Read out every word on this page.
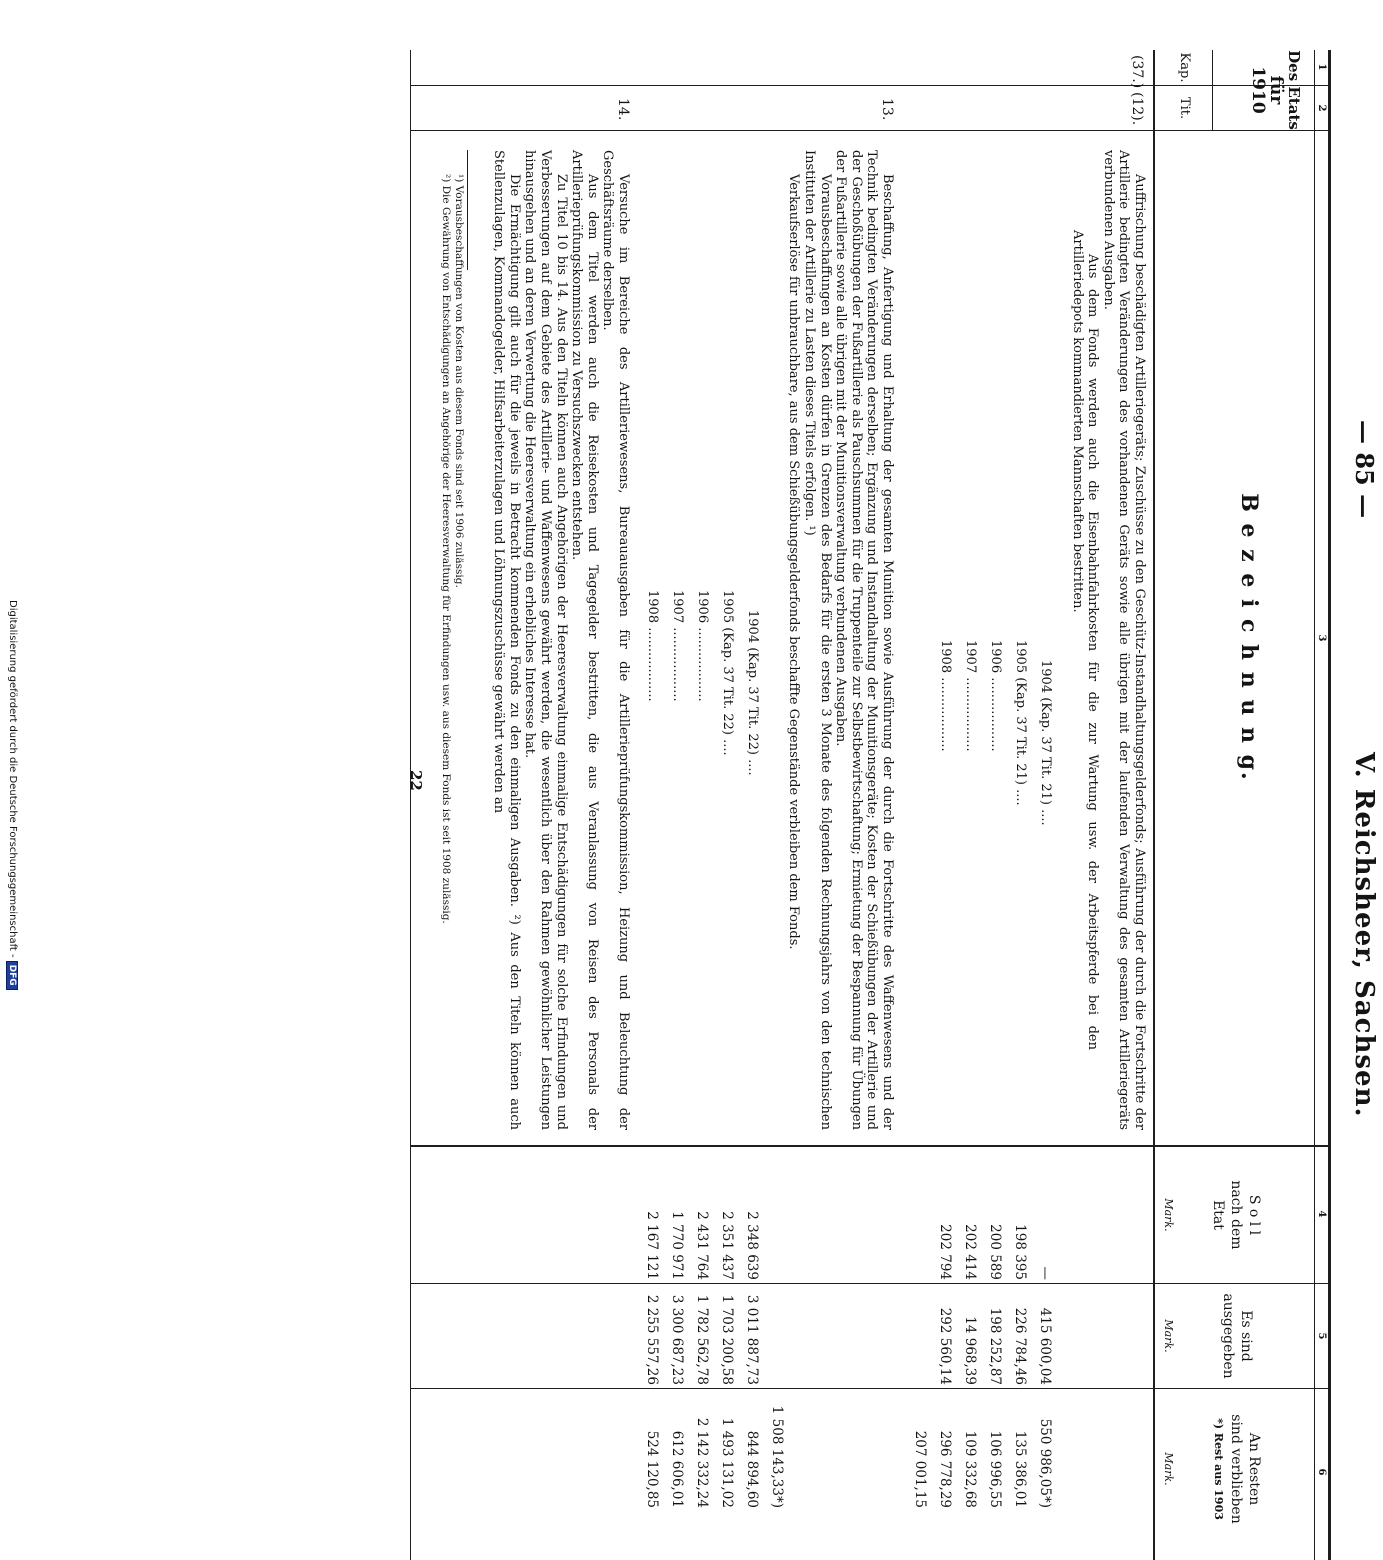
— 85 —
V. Reichsheer, Sachsen.
1
2
3
4
5
6
Des Etats
für 1910
Kap.
Tit.
B e z e i c h n u n g.
S o l l
nach dem
Etat
Mark.
Es sind
ausgegeben
Mark.
An Resten
sind verblieben
*) Rest aus 1903
Mark.
(37.)
(12).

Auffrischung beschädigten Artilleriegeräts; Zuschüsse zu den Geschütz-Instandhaltungsgelderfonds; Ausführung der durch die Fortschritte der Artillerie bedingten Veränderungen des vorhandenen Geräts sowie alle übrigen mit der laufenden Verwaltung des gesamten Artilleriegeräts verbundenen Ausgaben.

Aus dem Fonds werden auch die Eisenbahnfahrkosten für die zur Wartung usw. der Arbeitspferde bei den Artilleriedepots kommandierten Mannschaften bestritten.

1904 (Kap. 37 Tit. 21) ....
415 600,04
—
550 986,05*)
1905 (Kap. 37 Tit. 21) ....
198 395
226 784,46
135 386,01
1906 ..................
200 589
198 252,87
106 996,55
1907 ..................
202 414
14 968,39
109 332,68
1908 ..................
202 794
292 560,14
296 778,29
207 001,15
13.

Beschaffung, Anfertigung und Erhaltung der gesamten Munition sowie Ausführung der durch die Fortschritte des Waffenwesens und der Technik bedingten Veränderungen derselben; Ergänzung und Instandhaltung der Munitionsgeräte; Kosten der Schießübungen der Artillerie und der Geschoßübungen der Fußartillerie als Pauschsummen für die Truppenteile zur Selbstbewirtschaftung; Ermietung der Bespannung für Übungen der Fußartillerie sowie alle übrigen mit der Munitionsverwaltung verbundenen Ausgaben.

Vorausbeschaffungen an Kosten dürfen in Grenzen des Bedarfs für die ersten 3 Monate des folgenden Rechnungsjahrs von den technischen Instituten der Artillerie zu Lasten dieses Titels erfolgen. ¹)

Verkaufserlöse für unbrauchbare, aus dem Schießübungsgelderfonds beschaffte Gegenstände verbleiben dem Fonds.

1 508 143,33*)
1904 (Kap. 37 Tit. 22) ....
2 348 639
3 011 887,73
844 894,60
1905 (Kap. 37 Tit. 22) ....
2 351 437
1 703 200,58
1 493 131,02
1906 ..................
2 431 764
1 782 562,78
2 142 332,24
1907 ..................
1 770 971
3 300 687,23
612 606,01
1908 ..................
2 167 121
2 255 557,26
524 120,85
14.

Versuche im Bereiche des Artilleriewesens, Bureauausgaben für die Artillerieprüfungskommission, Heizung und Beleuchtung der Geschäftsräume derselben.

Aus dem Titel werden auch die Reisekosten und Tagegelder bestritten, die aus Veranlassung von Reisen des Personals der Artillerieprüfungskommission zu Versuchszwecken entstehen.

Zu Titel 10 bis 14. Aus den Titeln können auch Angehörigen der Heeresverwaltung einmalige Entschädigungen für solche Erfindungen und Verbesserungen auf dem Gebiete des Artillerie- und Waffenwesens gewährt werden, die wesentlich über den Rahmen gewöhnlicher Leistungen hinausgehen und an deren Verwertung die Heeresverwaltung ein erhebliches Interesse hat.

Die Ermächtigung gilt auch für die jeweils in Betracht kommenden Fonds zu den einmaligen Ausgaben. ²) Aus den Titeln können auch Stellenzulagen, Kommandogelder, Hilfsarbeiterzulagen und Löhnungszuschüsse gewährt werden an

¹) Vorausbeschaffungen von Kosten aus diesem Fonds sind seit 1906 zulässig.
²) Die Gewährung von Entschädigungen an Angehörige der Heeresverwaltung für Erfindungen usw. aus diesem Fonds ist seit 1908 zulässig.
22
Digitalisierung gefördert durch die Deutsche Forschungsgemeinschaft -DFG
